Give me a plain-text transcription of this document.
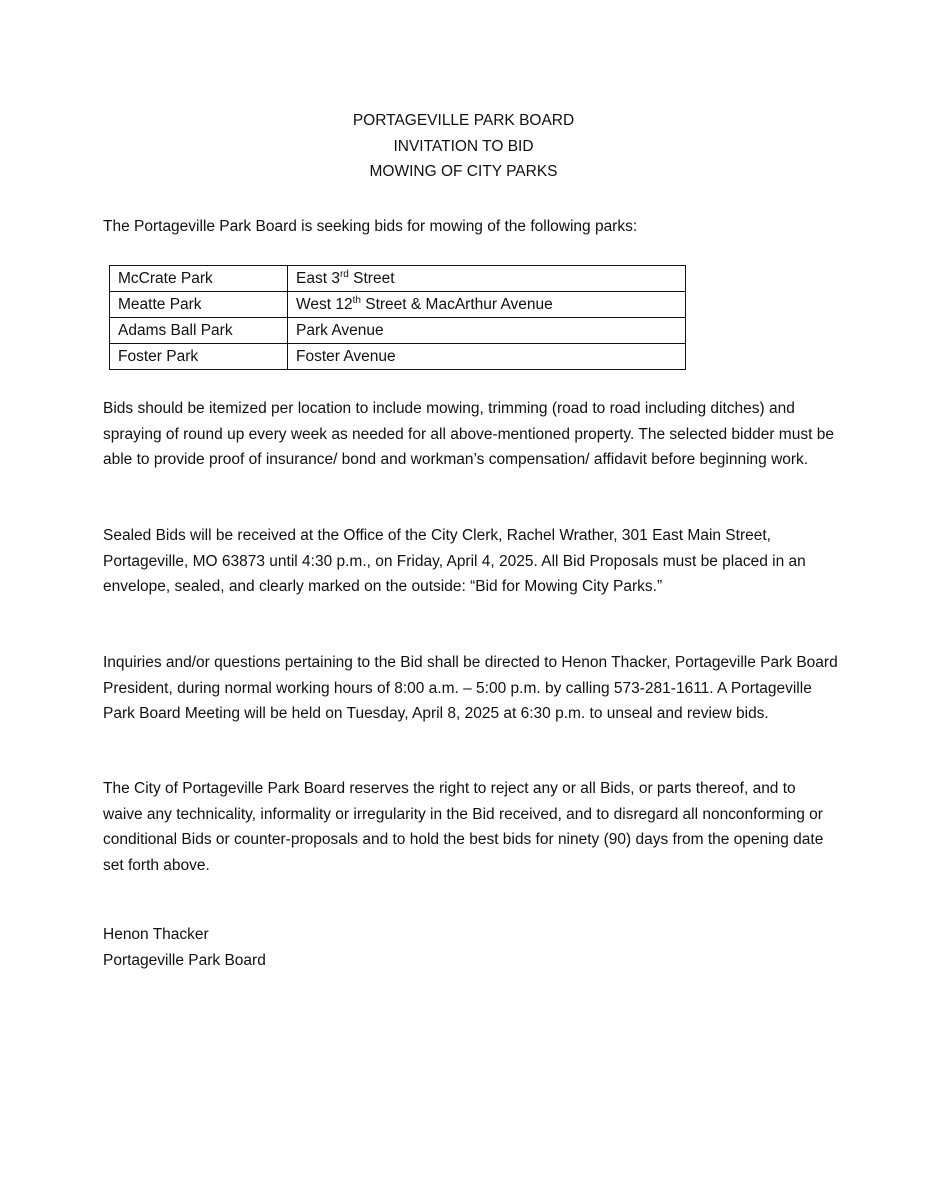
PORTAGEVILLE PARK BOARD
INVITATION TO BID
MOWING OF CITY PARKS
The Portageville Park Board is seeking bids for mowing of the following parks:
McCrate Park	East 3rd Street
Meatte Park	West 12th Street & MacArthur Avenue
Adams Ball Park	Park Avenue
Foster Park	Foster Avenue

Bids should be itemized per location to include mowing, trimming (road to road including ditches) and spraying of round up every week as needed for all above-mentioned property. The selected bidder must be able to provide proof of insurance/ bond and workman’s compensation/ affidavit before beginning work.

Sealed Bids will be received at the Office of the City Clerk, Rachel Wrather, 301 East Main Street, Portageville, MO 63873 until 4:30 p.m., on Friday, April 4, 2025. All Bid Proposals must be placed in an envelope, sealed, and clearly marked on the outside: “Bid for Mowing City Parks.”

Inquiries and/or questions pertaining to the Bid shall be directed to Henon Thacker, Portageville Park Board President, during normal working hours of 8:00 a.m. – 5:00 p.m. by calling 573-281-1611. A Portageville Park Board Meeting will be held on Tuesday, April 8, 2025 at 6:30 p.m. to unseal and review bids.

The City of Portageville Park Board reserves the right to reject any or all Bids, or parts thereof, and to waive any technicality, informality or irregularity in the Bid received, and to disregard all nonconforming or conditional Bids or counter-proposals and to hold the best bids for ninety (90) days from the opening date set forth above.

Henon Thacker
Portageville Park Board
